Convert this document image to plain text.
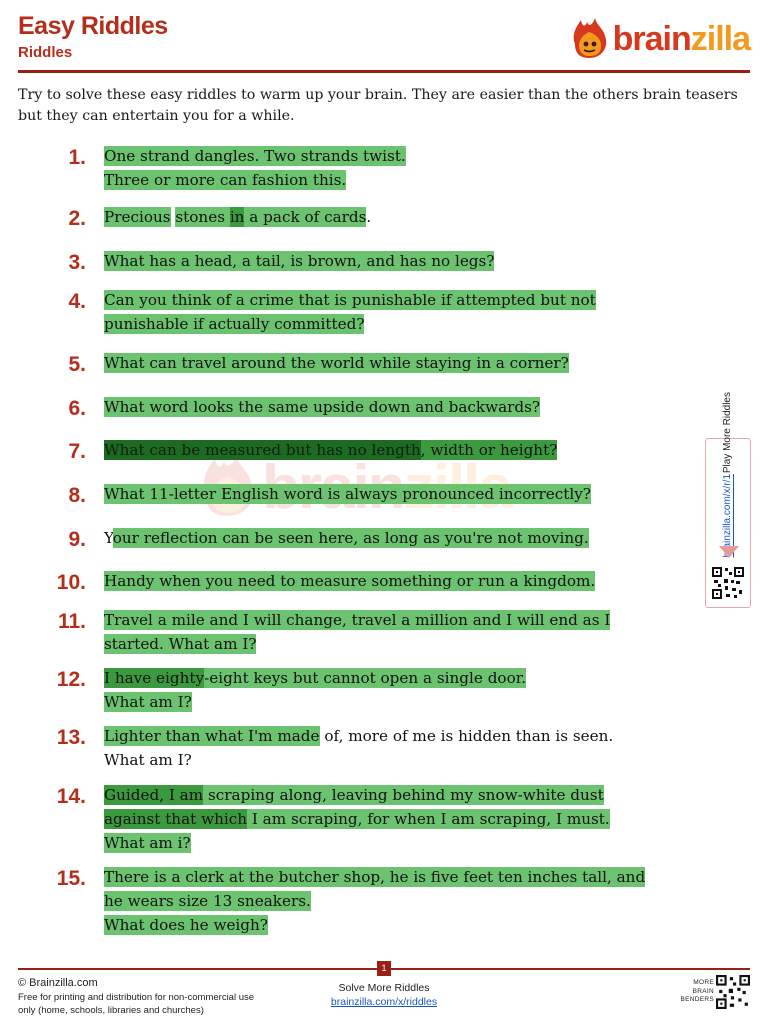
Easy Riddles
Riddles	brainzilla
Try to solve these easy riddles to warm up your brain. They are easier than the others brain teasers but they can entertain you for a while.
1. One strand dangles. Two strands twist.
Three or more can fashion this.
2. Precious stones in a pack of cards.
3. What has a head, a tail, is brown, and has no legs?
4. Can you think of a crime that is punishable if attempted but not
punishable if actually committed?
5. What can travel around the world while staying in a corner?
6. What word looks the same upside down and backwards?
7. What can be measured but has no length, width or height?
8. What 11-letter English word is always pronounced incorrectly?
9. Your reflection can be seen here, as long as you're not moving.
10. Handy when you need to measure something or run a kingdom.
11. Travel a mile and I will change, travel a million and I will end as I
started. What am I?
12. I have eighty-eight keys but cannot open a single door.
What am I?
13. Lighter than what I'm made of, more of me is hidden than is seen.
What am I?
14. Guided, I am scraping along, leaving behind my snow-white dust
against that which I am scraping, for when I am scraping, I must.
What am i?
15. There is a clerk at the butcher shop, he is five feet ten inches tall, and
he wears size 13 sneakers.
What does he weigh?
Play More Riddles
brainzilla.com/x/r/1
1
© Brainzilla.com
Free for printing and distribution for non-commercial use only (home, schools, libraries and churches)
Solve More Riddles
brainzilla.com/x/riddles
MORE BRAIN BENDERS
